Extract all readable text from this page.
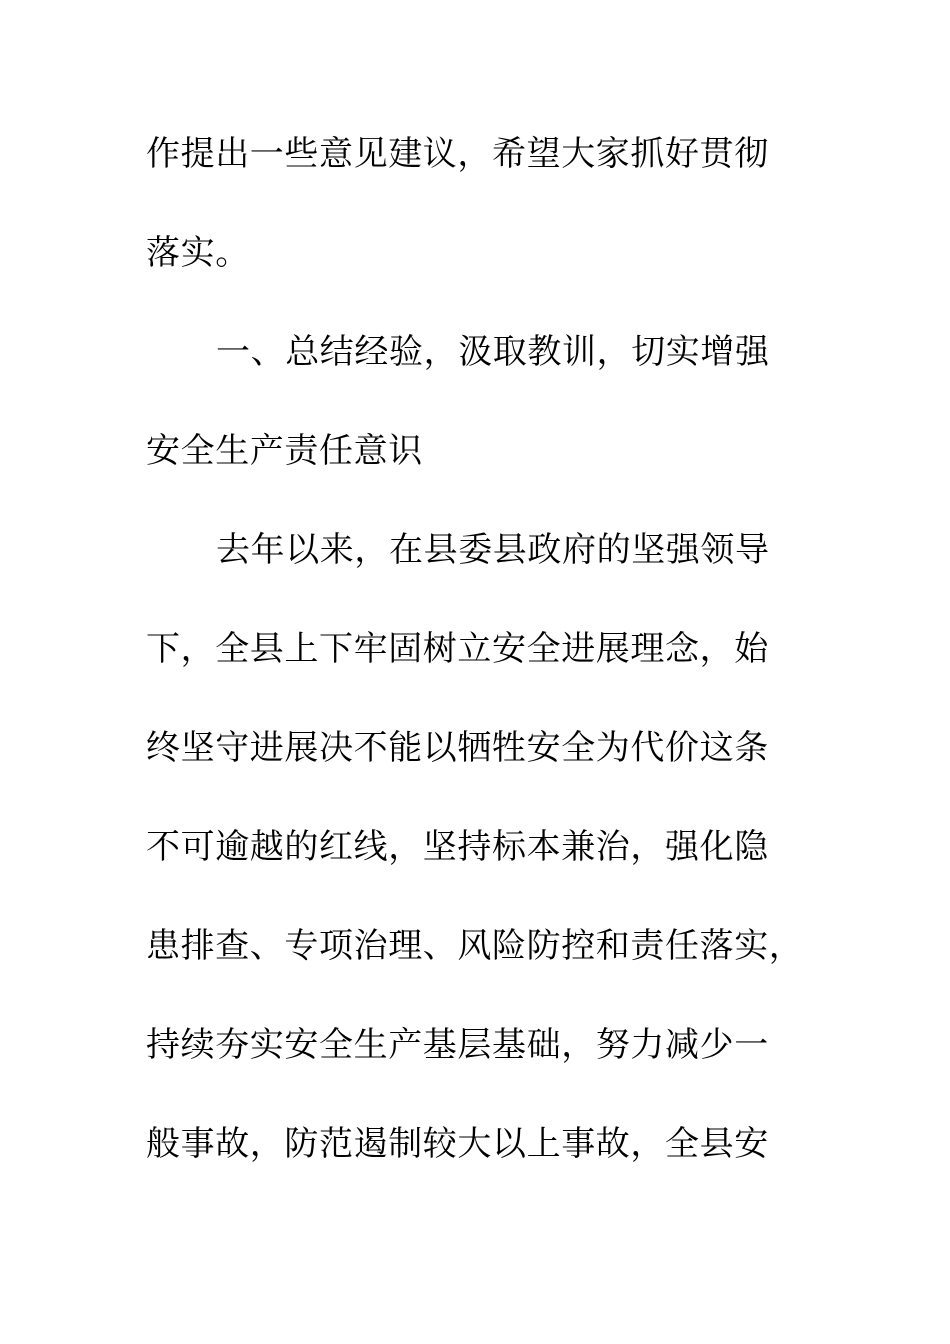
作提出一些意见建议，希望大家抓好贯彻
落实。
一、总结经验，汲取教训，切实增强
安全生产责任意识
去年以来，在县委县政府的坚强领导
下，全县上下牢固树立安全进展理念，始
终坚守进展决不能以牺牲安全为代价这条
不可逾越的红线，坚持标本兼治，强化隐
患排查、专项治理、风险防控和责任落实，
持续夯实安全生产基层基础，努力减少一
般事故，防范遏制较大以上事故，全县安
